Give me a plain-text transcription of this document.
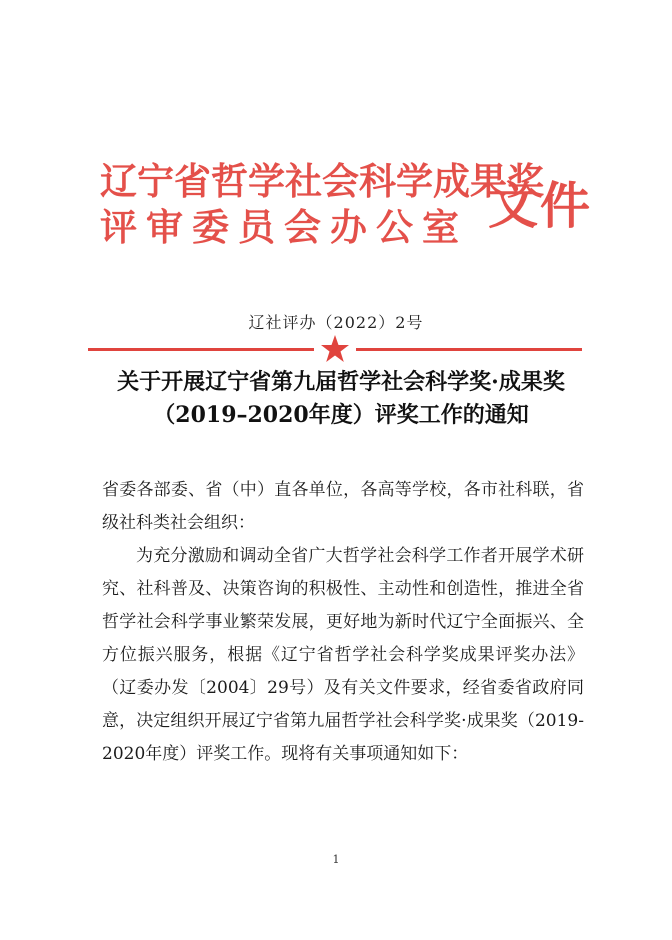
辽宁省哲学社会科学成果奖
评审委员会办公室 文件
辽社评办（2022）2号
关于开展辽宁省第九届哲学社会科学奖·成果奖（2019–2020年度）评奖工作的通知
省委各部委、省（中）直各单位，各高等学校，各市社科联，省级社科类社会组织：
为充分激励和调动全省广大哲学社会科学工作者开展学术研究、社科普及、决策咨询的积极性、主动性和创造性，推进全省哲学社会科学事业繁荣发展，更好地为新时代辽宁全面振兴、全方位振兴服务，根据《辽宁省哲学社会科学奖成果评奖办法》（辽委办发〔2004〕29号）及有关文件要求，经省委省政府同意，决定组织开展辽宁省第九届哲学社会科学奖·成果奖（2019-2020年度）评奖工作。现将有关事项通知如下：
1
